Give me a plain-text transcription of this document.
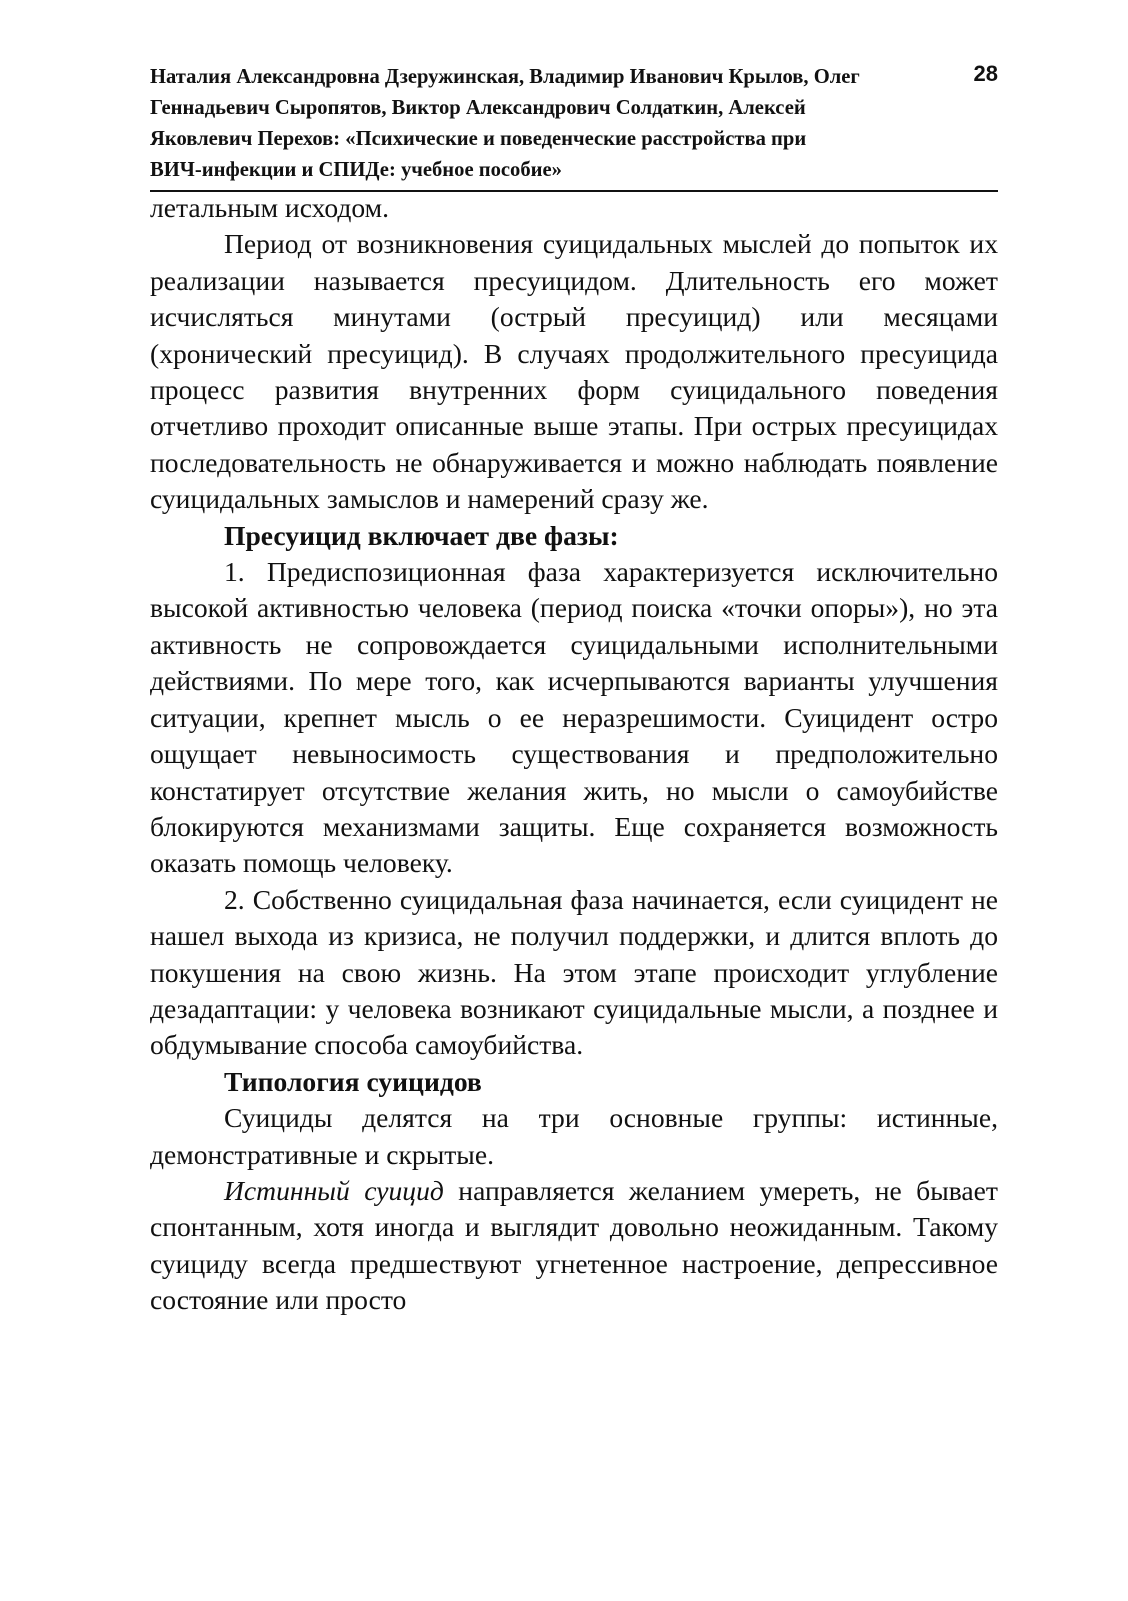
Наталия Александровна Дзеружинская, Владимир Иванович Крылов, Олег
Геннадьевич Сыропятов, Виктор Александрович Солдаткин, Алексей
Яковлевич Перехов: «Психические и поведенческие расстройства при
ВИЧ-инфекции и СПИДе: учебное пособие»
28

летальным исходом.

Период от возникновения суицидальных мыслей до попыток их реализации называется пресуицидом. Длительность его может исчисляться минутами (острый пресуицид) или месяцами (хронический пресуицид). В случаях продолжительного пресуицида процесс развития внутренних форм суицидального поведения отчетливо проходит описанные выше этапы. При острых пресуицидах последовательность не обнаруживается и можно наблюдать появление суицидальных замыслов и намерений сразу же.

Пресуицид включает две фазы:

1. Предиспозиционная фаза характеризуется исключительно высокой активностью человека (период поиска «точки опоры»), но эта активность не сопровождается суицидальными исполнительными действиями. По мере того, как исчерпываются варианты улучшения ситуации, крепнет мысль о ее неразрешимости. Суицидент остро ощущает невыносимость существования и предположительно констатирует отсутствие желания жить, но мысли о самоубийстве блокируются механизмами защиты. Еще сохраняется возможность оказать помощь человеку.

2. Собственно суицидальная фаза начинается, если суицидент не нашел выхода из кризиса, не получил поддержки, и длится вплоть до покушения на свою жизнь. На этом этапе происходит углубление дезадаптации: у человека возникают суицидальные мысли, а позднее и обдумывание способа самоубийства.

Типология суицидов

Суициды делятся на три основные группы: истинные, демонстративные и скрытые.

Истинный суицид направляется желанием умереть, не бывает спонтанным, хотя иногда и выглядит довольно неожиданным. Такому суициду всегда предшествуют угнетенное настроение, депрессивное состояние или просто
